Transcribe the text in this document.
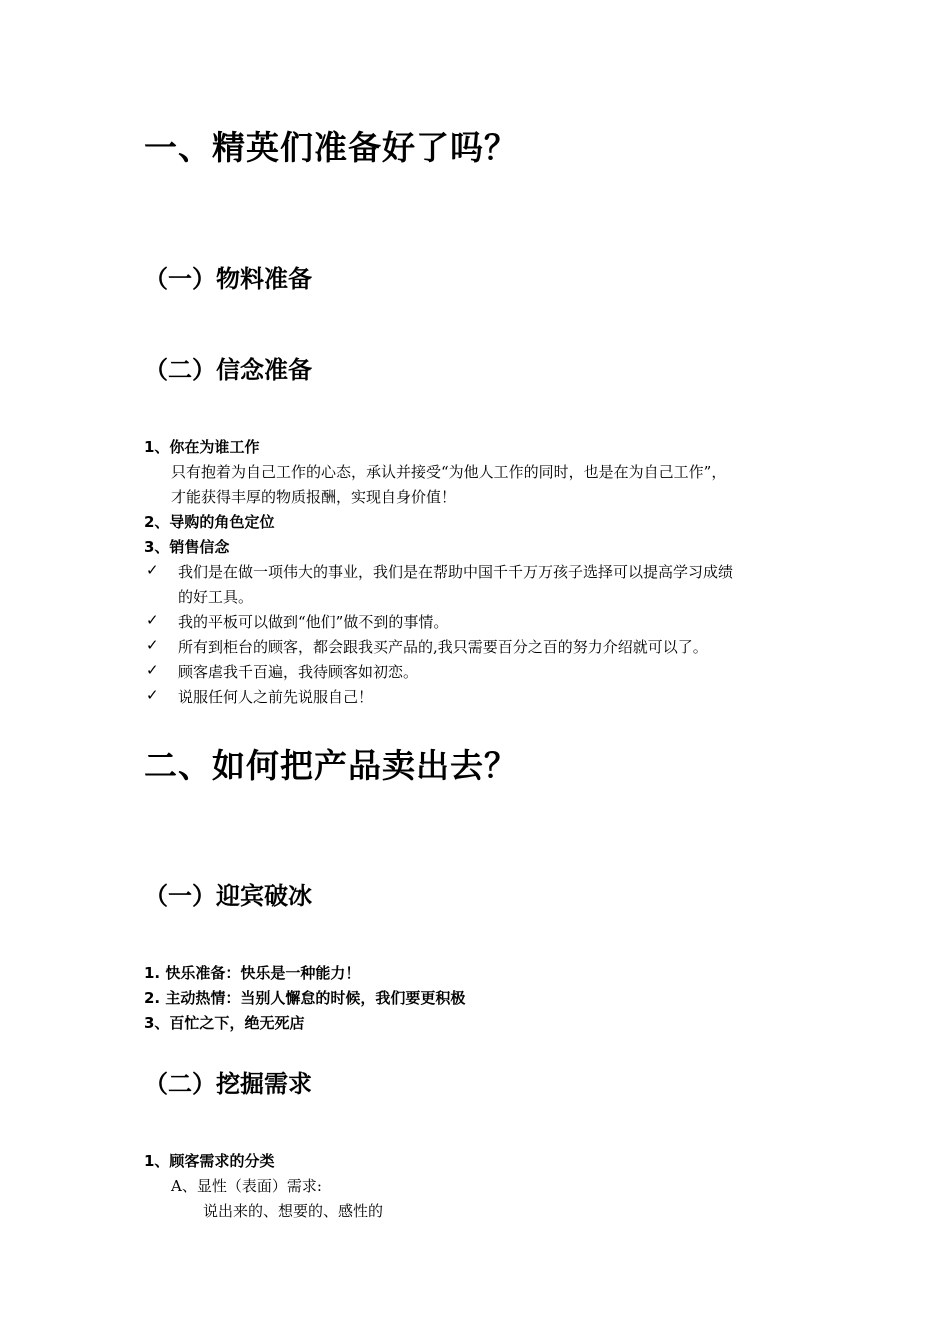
一、精英们准备好了吗？
（一）物料准备
（二）信念准备
1、你在为谁工作
只有抱着为自己工作的心态，承认并接受“为他人工作的同时，也是在为自己工作”，
才能获得丰厚的物质报酬，实现自身价值！
2、导购的角色定位
3、销售信念
✓ 我们是在做一项伟大的事业，我们是在帮助中国千千万万孩子选择可以提高学习成绩
的好工具。
✓ 我的平板可以做到“他们”做不到的事情。
✓ 所有到柜台的顾客，都会跟我买产品的,我只需要百分之百的努力介绍就可以了。
✓ 顾客虐我千百遍，我待顾客如初恋。
✓ 说服任何人之前先说服自己！
二、如何把产品卖出去？
（一）迎宾破冰
1. 快乐准备：快乐是一种能力！
2. 主动热情：当别人懈怠的时候，我们要更积极
3、百忙之下，绝无死店
（二）挖掘需求
1、顾客需求的分类
A、显性（表面）需求:
说出来的、想要的、感性的
